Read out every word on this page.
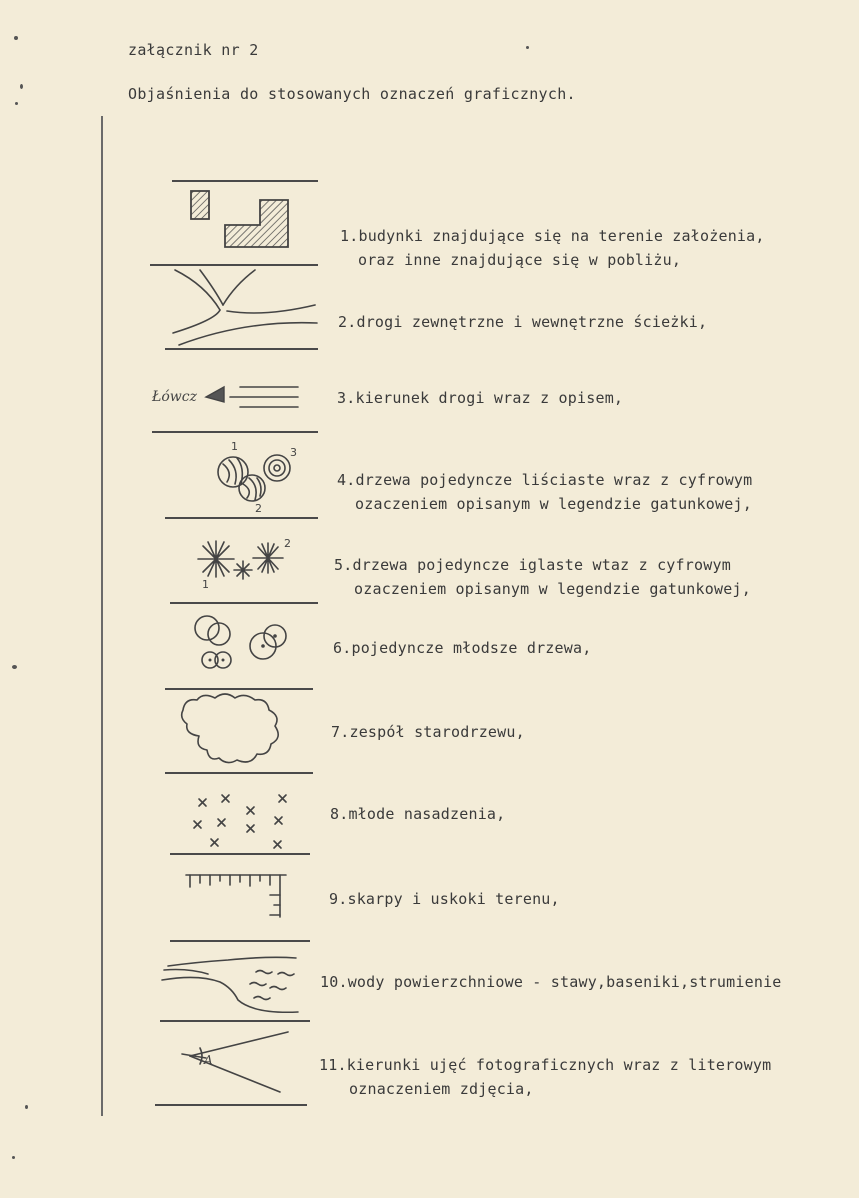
załącznik nr 2
Objaśnienia do stosowanych oznaczeń graficznych.
Łówcz
1
2
3
1
2
A
1.budynki znajdujące się na terenie założenia,
oraz inne znajdujące się w pobliżu,
2.drogi zewnętrzne i wewnętrzne ścieżki,
3.kierunek drogi wraz z opisem,
4.drzewa pojedyncze liściaste wraz z cyfrowym
ozaczeniem opisanym w legendzie gatunkowej,
5.drzewa pojedyncze iglaste wtaz z cyfrowym
ozaczeniem opisanym w legendzie gatunkowej,
6.pojedyncze młodsze drzewa,
7.zespół starodrzewu,
8.młode nasadzenia,
9.skarpy i uskoki terenu,
10.wody powierzchniowe - stawy,baseniki,strumienie
11.kierunki ujęć fotograficznych wraz z literowym
oznaczeniem zdjęcia,
